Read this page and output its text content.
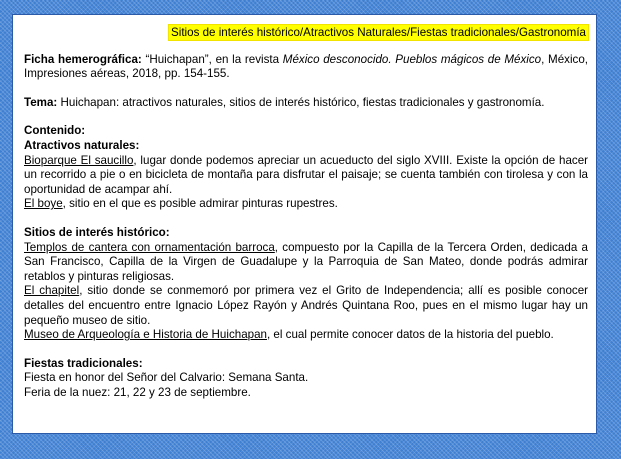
Sitios de interés histórico/Atractivos Naturales/Fiestas tradicionales/Gastronomía

Ficha hemerográfica: “Huichapan”, en la revista México desconocido. Pueblos mágicos de México, México, Impresiones aéreas, 2018, pp. 154-155.

Tema: Huichapan: atractivos naturales, sitios de interés histórico, fiestas tradicionales y gastronomía.

Contenido:

Atractivos naturales:

Bioparque El saucillo, lugar donde podemos apreciar un acueducto del siglo XVIII. Existe la opción de hacer un recorrido a pie o en bicicleta de montaña para disfrutar el paisaje; se cuenta también con tirolesa y con la oportunidad de acampar ahí.

El boye, sitio en el que es posible admirar pinturas rupestres.

Sitios de interés histórico:

Templos de cantera con ornamentación barroca, compuesto por la Capilla de la Tercera Orden, dedicada a San Francisco, Capilla de la Virgen de Guadalupe y la Parroquia de San Mateo, donde podrás admirar retablos y pinturas religiosas.

El chapitel, sitio donde se conmemoró por primera vez el Grito de Independencia; allí es posible conocer detalles del encuentro entre Ignacio López Rayón y Andrés Quintana Roo, pues en el mismo lugar hay un pequeño museo de sitio.

Museo de Arqueología e Historia de Huichapan, el cual permite conocer datos de la historia del pueblo.

Fiestas tradicionales:

Fiesta en honor del Señor del Calvario: Semana Santa.

Feria de la nuez: 21, 22 y 23 de septiembre.
